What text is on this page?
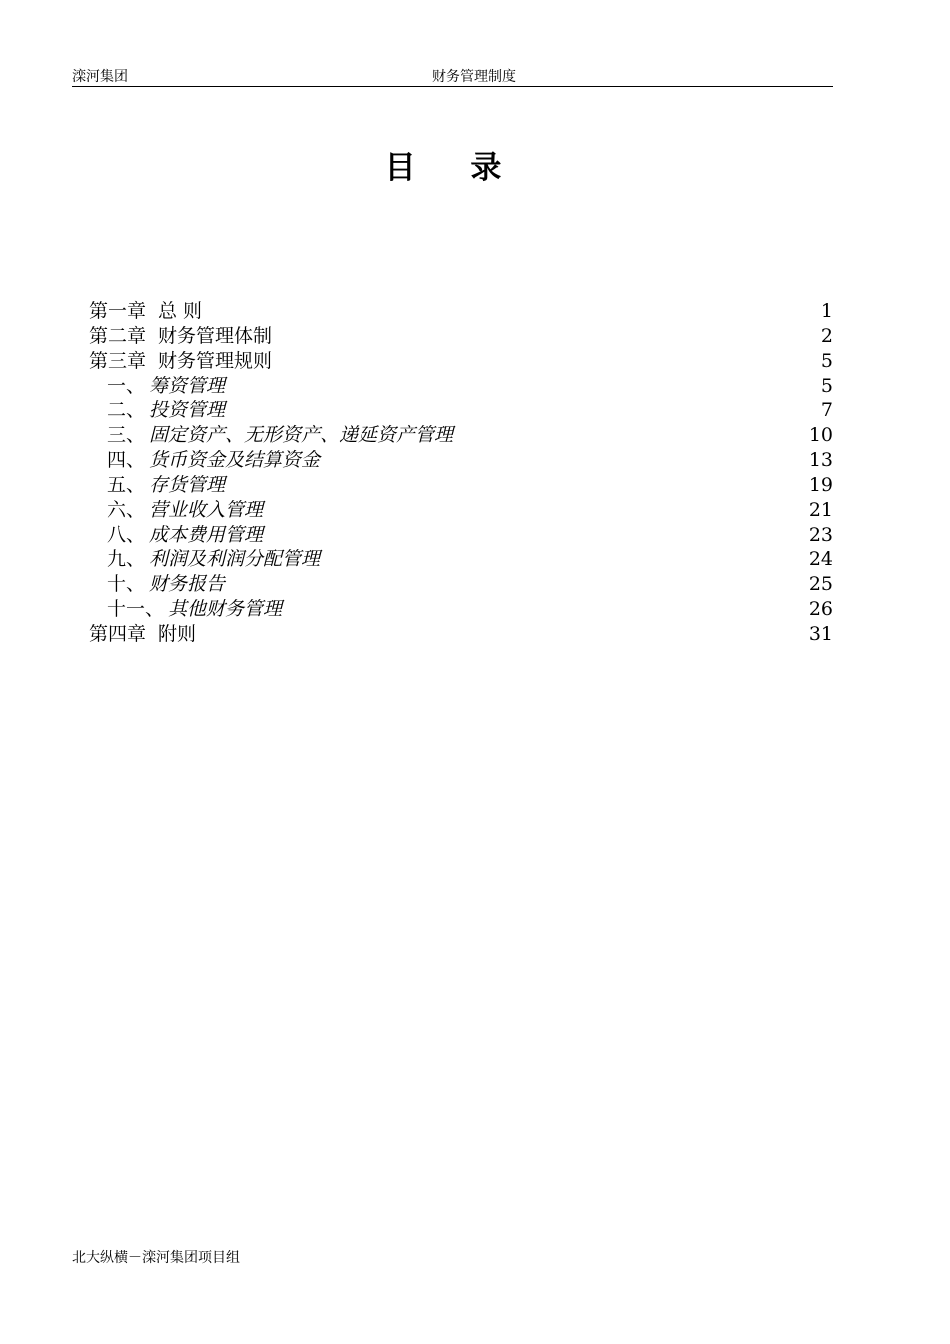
滦河集团	财务管理制度
目 录
第一章 总 则	1
第二章 财务管理体制	2
第三章 财务管理规则	5
一、 筹资管理	5
二、 投资管理	7
三、 固定资产、无形资产、递延资产管理	10
四、 货币资金及结算资金	13
五、 存货管理	19
六、 营业收入管理	21
八、 成本费用管理	23
九、 利润及利润分配管理	24
十、 财务报告	25
十一、 其他财务管理	26
第四章 附则	31
北大纵横－滦河集团项目组
